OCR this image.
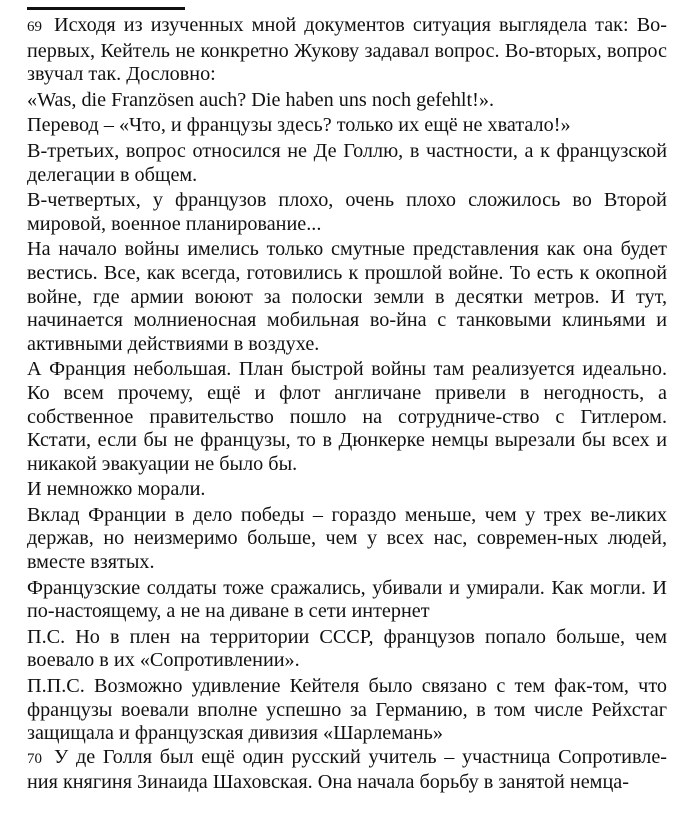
69 Исходя из изученных мной документов ситуация выглядела так: Во-первых, Кейтель не конкретно Жукову задавал вопрос. Во-вторых, вопрос звучал так. Дословно:
«Was, die Französen auch? Die haben uns noch gefehlt!».
Перевод – «Что, и французы здесь? только их ещё не хватало!»
В-третьих, вопрос относился не Де Голлю, в частности, а к французской делегации в общем.
В-четвертых, у французов плохо, очень плохо сложилось во Второй мировой, военное планирование...
На начало войны имелись только смутные представления как она будет вестись. Все, как всегда, готовились к прошлой войне. То есть к окопной войне, где армии воюют за полоски земли в десятки метров. И тут, начинается молниеносная мобильная во-йна с танковыми клиньями и активными действиями в воздухе.
А Франция небольшая. План быстрой войны там реализуется идеально. Ко всем прочему, ещё и флот англичане привели в негодность, а собственное правительство пошло на сотрудниче-ство с Гитлером. Кстати, если бы не французы, то в Дюнкерке немцы вырезали бы всех и никакой эвакуации не было бы.
И немножко морали.
Вклад Франции в дело победы – гораздо меньше, чем у трех ве-ликих держав, но неизмеримо больше, чем у всех нас, современ-ных людей, вместе взятых.
Французские солдаты тоже сражались, убивали и умирали. Как могли. И по-настоящему, а не на диване в сети интернет
П.С. Но в плен на территории СССР, французов попало больше, чем воевало в их «Сопротивлении».
П.П.С. Возможно удивление Кейтеля было связано с тем фак-том, что французы воевали вполне успешно за Германию, в том числе Рейхстаг защищала и французская дивизия «Шарлемань»
70 У де Голля был ещё один русский учитель – участница Сопротивле-ния княгиня Зинаида Шаховская. Она начала борьбу в занятой немца-
